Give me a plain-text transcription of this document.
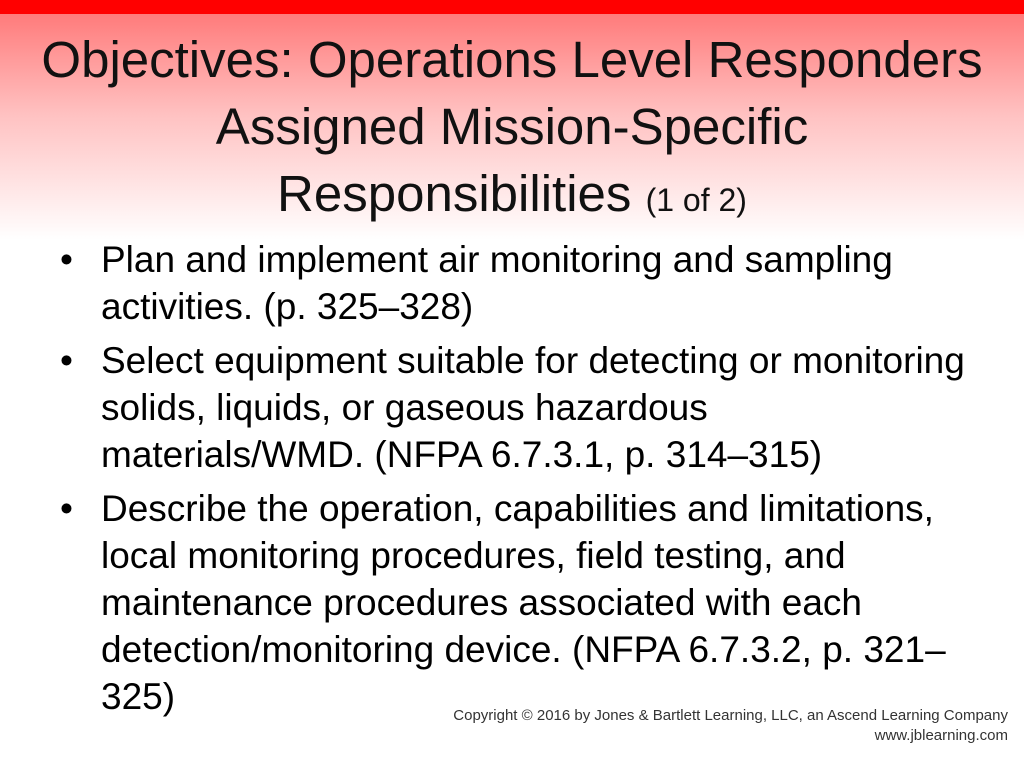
Objectives: Operations Level Responders Assigned Mission-Specific Responsibilities (1 of 2)
• Plan and implement air monitoring and sampling activities. (p. 325–328)
• Select equipment suitable for detecting or monitoring solids, liquids, or gaseous hazardous materials/WMD. (NFPA 6.7.3.1, p. 314–315)
• Describe the operation, capabilities and limitations, local monitoring procedures, field testing, and maintenance procedures associated with each detection/monitoring device. (NFPA 6.7.3.2, p. 321–325)	Copyright © 2016 by Jones & Bartlett Learning, LLC, an Ascend Learning Company
www.jblearning.com
